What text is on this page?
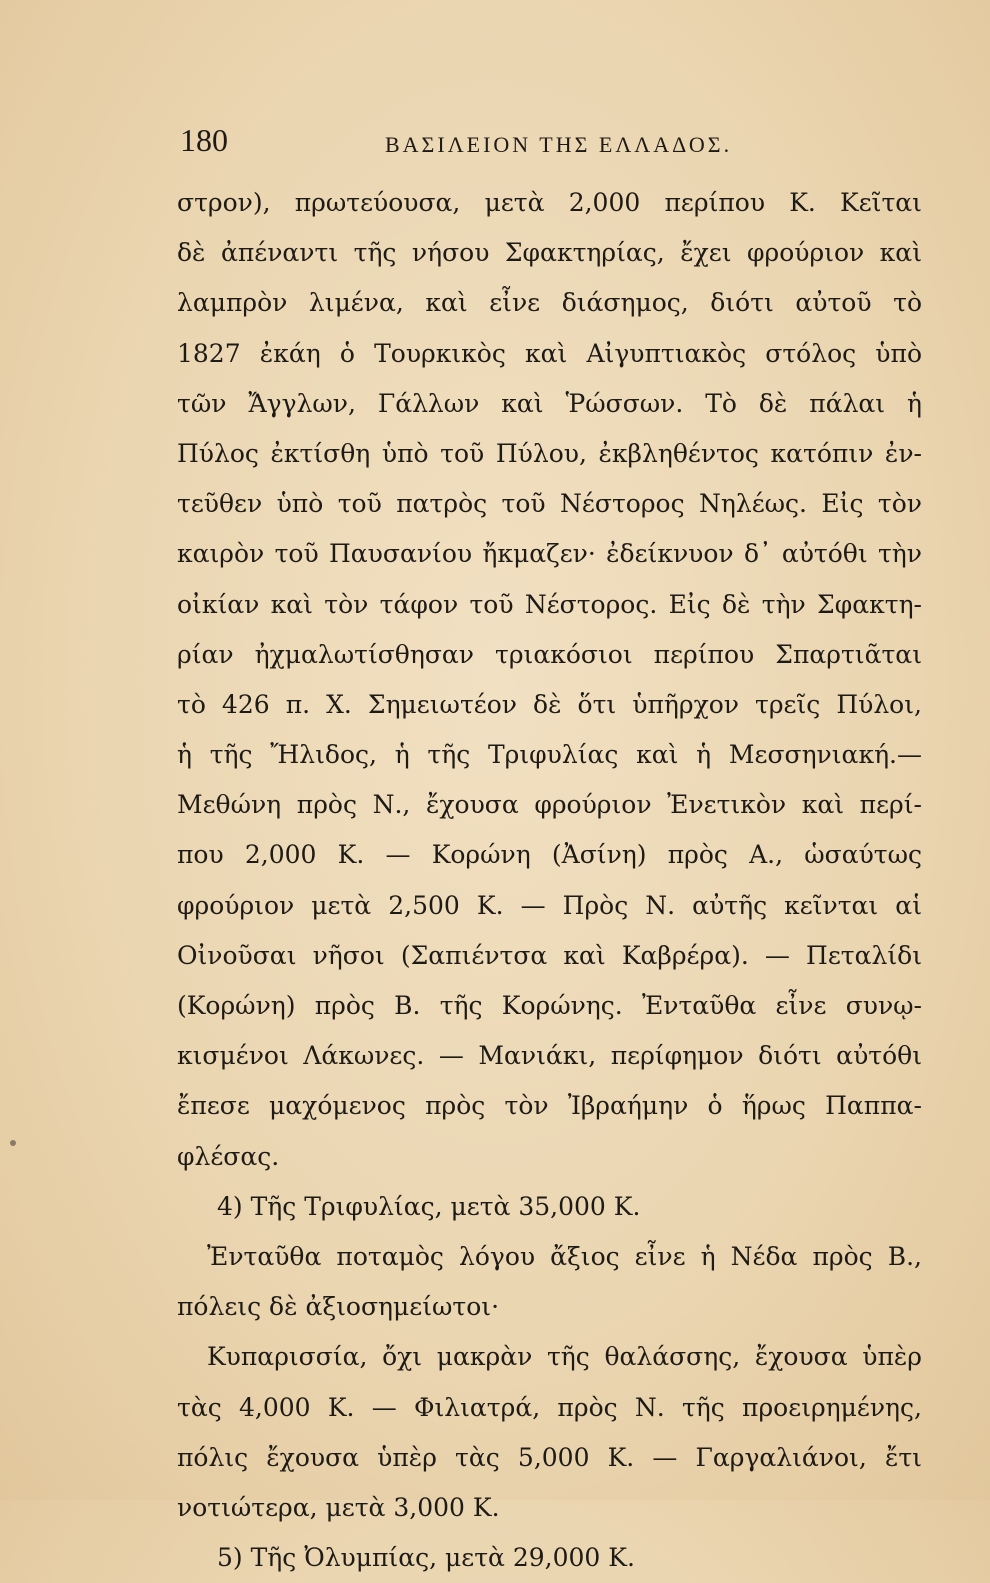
180	ΒΑΣΙΛΕΙΟΝ ΤΗΣ ΕΛΛΑΔΟΣ.
στρον), πρωτεύουσα, μετὰ 2,000 περίπου Κ. Κεῖται
δὲ ἀπέναντι τῆς νήσου Σφακτηρίας, ἔχει φρούριον καὶ
λαμπρὸν λιμένα, καὶ εἶνε διάσημος, διότι αὐτοῦ τὸ
1827 ἐκάη ὁ Τουρκικὸς καὶ Αἰγυπτιακὸς στόλος ὑπὸ
τῶν Ἄγγλων, Γάλλων καὶ Ῥώσσων. Τὸ δὲ πάλαι ἡ
Πύλος ἐκτίσθη ὑπὸ τοῦ Πύλου, ἐκβληθέντος κατόπιν ἐν-
τεῦθεν ὑπὸ τοῦ πατρὸς τοῦ Νέστορος Νηλέως. Εἰς τὸν
καιρὸν τοῦ Παυσανίου ἤκμαζεν· ἐδείκνυον δ᾽ αὐτόθι τὴν
οἰκίαν καὶ τὸν τάφον τοῦ Νέστορος. Εἰς δὲ τὴν Σφακτη-
ρίαν ἠχμαλωτίσθησαν τριακόσιοι περίπου Σπαρτιᾶται
τὸ 426 π. Χ. Σημειωτέον δὲ ὅτι ὑπῆρχον τρεῖς Πύλοι,
ἡ τῆς Ἤλιδος, ἡ τῆς Τριφυλίας καὶ ἡ Μεσσηνιακή.—
Μεθώνη πρὸς Ν., ἔχουσα φρούριον Ἐνετικὸν καὶ περί-
που 2,000 Κ. — Κορώνη (Ἀσίνη) πρὸς Α., ὡσαύτως
φρούριον μετὰ 2,500 Κ. — Πρὸς Ν. αὐτῆς κεῖνται αἱ
Οἰνοῦσαι νῆσοι (Σαπιέντσα καὶ Καβρέρα). — Πεταλίδι
(Κορώνη) πρὸς Β. τῆς Κορώνης. Ἐνταῦθα εἶνε συνῳ-
κισμένοι Λάκωνες. — Μανιάκι, περίφημον διότι αὐτόθι
ἔπεσε μαχόμενος πρὸς τὸν Ἰβραήμην ὁ ἥρως Παππα-
φλέσας.
4) Τῆς Τριφυλίας, μετὰ 35,000 Κ.
Ἐνταῦθα ποταμὸς λόγου ἄξιος εἶνε ἡ Νέδα πρὸς Β.,
πόλεις δὲ ἀξιοσημείωτοι·
Κυπαρισσία, ὄχι μακρὰν τῆς θαλάσσης, ἔχουσα ὑπὲρ
τὰς 4,000 Κ. — Φιλιατρά, πρὸς Ν. τῆς προειρημένης,
πόλις ἔχουσα ὑπὲρ τὰς 5,000 Κ. — Γαργαλιάνοι, ἔτι
νοτιώτερα, μετὰ 3,000 Κ.
5) Τῆς Ὀλυμπίας, μετὰ 29,000 Κ.
